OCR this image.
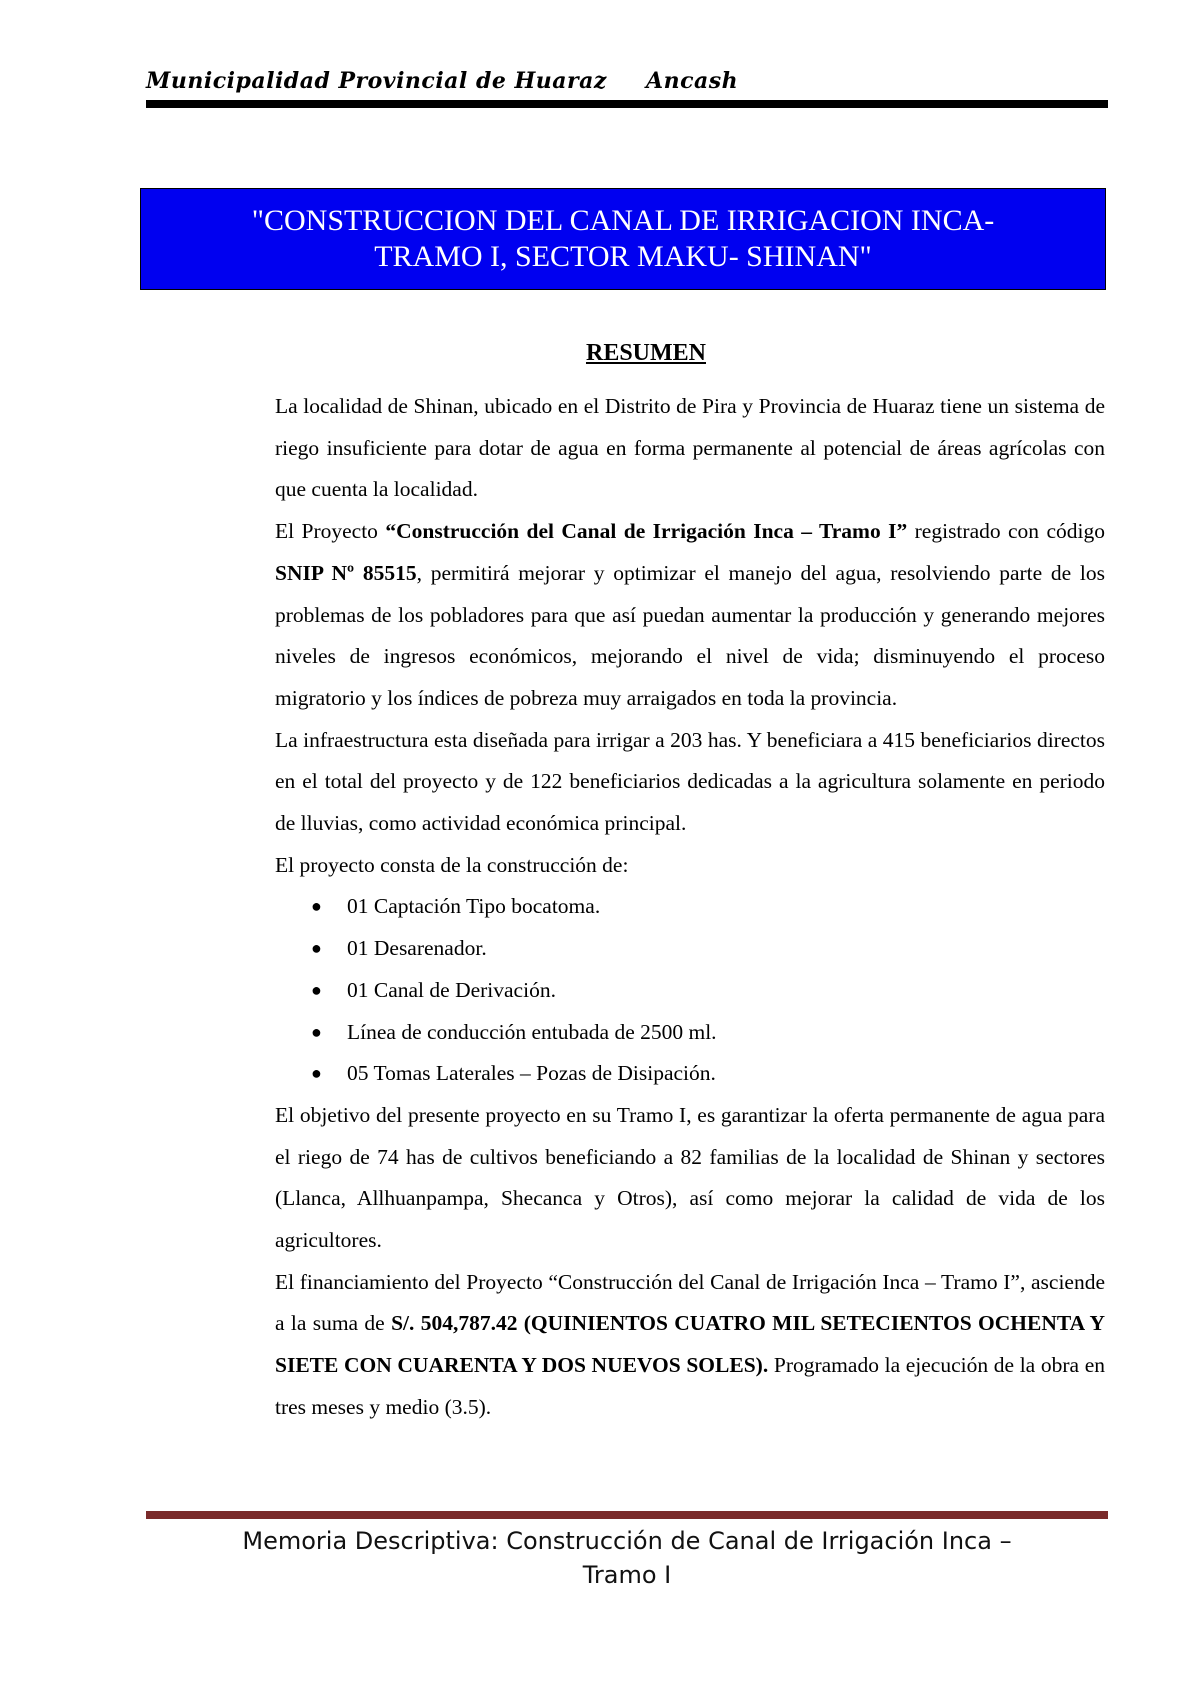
Municipalidad Provincial de Huaraz Ancash
"CONSTRUCCION DEL CANAL DE IRRIGACION INCA-
TRAMO I, SECTOR MAKU- SHINAN"
RESUMEN

La localidad de Shinan, ubicado en el Distrito de Pira y Provincia de Huaraz tiene un sistema de riego insuficiente para dotar de agua en forma permanente al potencial de áreas agrícolas con que cuenta la localidad.

El Proyecto “Construcción del Canal de Irrigación Inca – Tramo I” registrado con código SNIP Nº 85515, permitirá mejorar y optimizar el manejo del agua, resolviendo parte de los problemas de los pobladores para que así puedan aumentar la producción y generando mejores niveles de ingresos económicos, mejorando el nivel de vida; disminuyendo el proceso migratorio y los índices de pobreza muy arraigados en toda la provincia.

La infraestructura esta diseñada para irrigar a 203 has. Y beneficiara a 415 beneficiarios directos en el total del proyecto y de 122 beneficiarios dedicadas a la agricultura solamente en periodo de lluvias, como actividad económica principal.

El proyecto consta de la construcción de:

● 01 Captación Tipo bocatoma.
● 01 Desarenador.
● 01 Canal de Derivación.
● Línea de conducción entubada de 2500 ml.
● 05 Tomas Laterales – Pozas de Disipación.

El objetivo del presente proyecto en su Tramo I, es garantizar la oferta permanente de agua para el riego de 74 has de cultivos beneficiando a 82 familias de la localidad de Shinan y sectores (Llanca, Allhuanpampa, Shecanca y Otros), así como mejorar la calidad de vida de los agricultores.

El financiamiento del Proyecto “Construcción del Canal de Irrigación Inca – Tramo I”, asciende a la suma de S/. 504,787.42 (QUINIENTOS CUATRO MIL SETECIENTOS OCHENTA Y SIETE CON CUARENTA Y DOS NUEVOS SOLES). Programado la ejecución de la obra en tres meses y medio (3.5).

Memoria Descriptiva: Construcción de Canal de Irrigación Inca –
Tramo I
